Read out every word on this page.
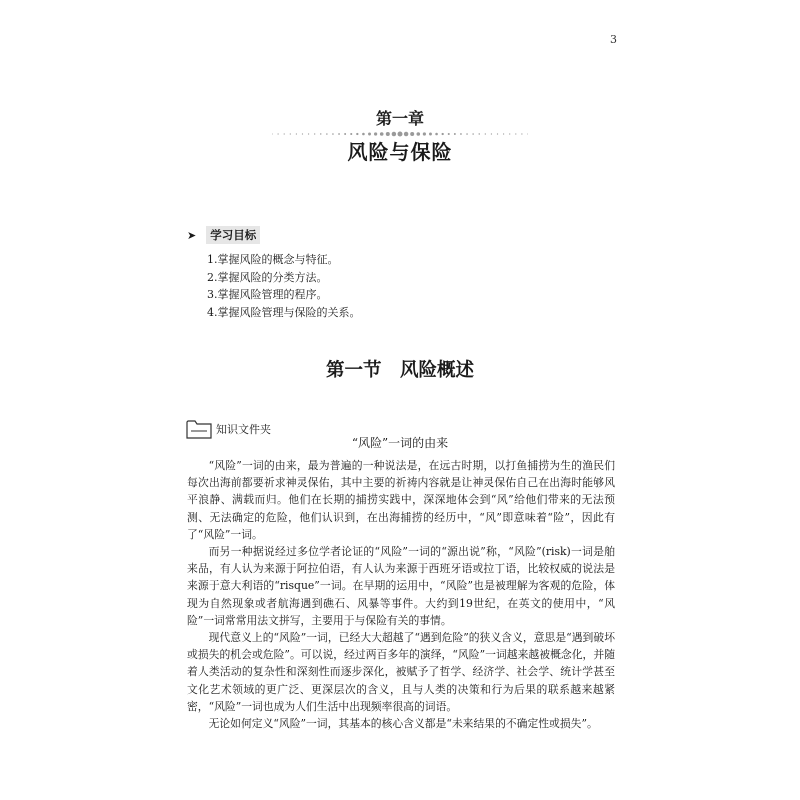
3
第一章
风险与保险
➤	学习目标
1.掌握风险的概念与特征。
2.掌握风险的分类方法。
3.掌握风险管理的程序。
4.掌握风险管理与保险的关系。
第一节　风险概述
知识文件夹
“风险”一词的由来

“风险”一词的由来，最为普遍的一种说法是，在远古时期，以打鱼捕捞为生的渔民们每次出海前都要祈求神灵保佑，其中主要的祈祷内容就是让神灵保佑自己在出海时能够风平浪静、满载而归。他们在长期的捕捞实践中，深深地体会到“风”给他们带来的无法预测、无法确定的危险，他们认识到，在出海捕捞的经历中，“风”即意味着“险”，因此有了“风险”一词。

而另一种据说经过多位学者论证的“风险”一词的“源出说”称，“风险”(risk)一词是舶来品，有人认为来源于阿拉伯语，有人认为来源于西班牙语或拉丁语，比较权威的说法是来源于意大利语的“risque”一词。在早期的运用中，“风险”也是被理解为客观的危险，体现为自然现象或者航海遇到礁石、风暴等事件。大约到19世纪，在英文的使用中，“风险”一词常常用法文拼写，主要用于与保险有关的事情。

现代意义上的“风险”一词，已经大大超越了“遇到危险”的狭义含义，意思是“遇到破坏或损失的机会或危险”。可以说，经过两百多年的演绎，“风险”一词越来越被概念化，并随着人类活动的复杂性和深刻性而逐步深化，被赋予了哲学、经济学、社会学、统计学甚至文化艺术领域的更广泛、更深层次的含义，且与人类的决策和行为后果的联系越来越紧密，“风险”一词也成为人们生活中出现频率很高的词语。

无论如何定义“风险”一词，其基本的核心含义都是“未来结果的不确定性或损失”。
